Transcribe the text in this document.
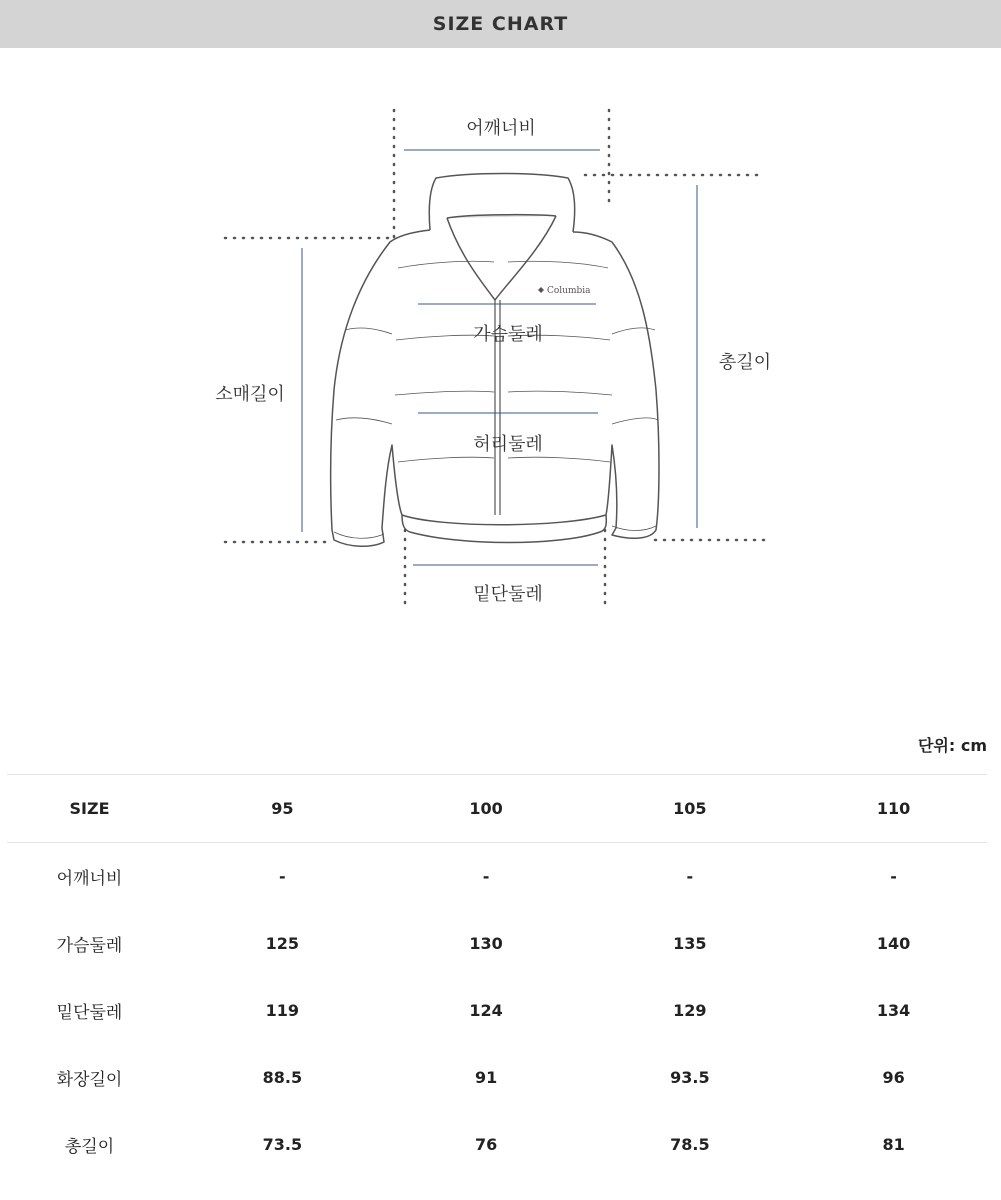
SIZE CHART
Columbia
어깨너비
가슴둘레
허리둘레
밑단둘레
소매길이
총길이
단위: cm
SIZE	95	100	105	110
어깨너비	-	-	-	-
가슴둘레	125	130	135	140
밑단둘레	119	124	129	134
화장길이	88.5	91	93.5	96
총길이	73.5	76	78.5	81
